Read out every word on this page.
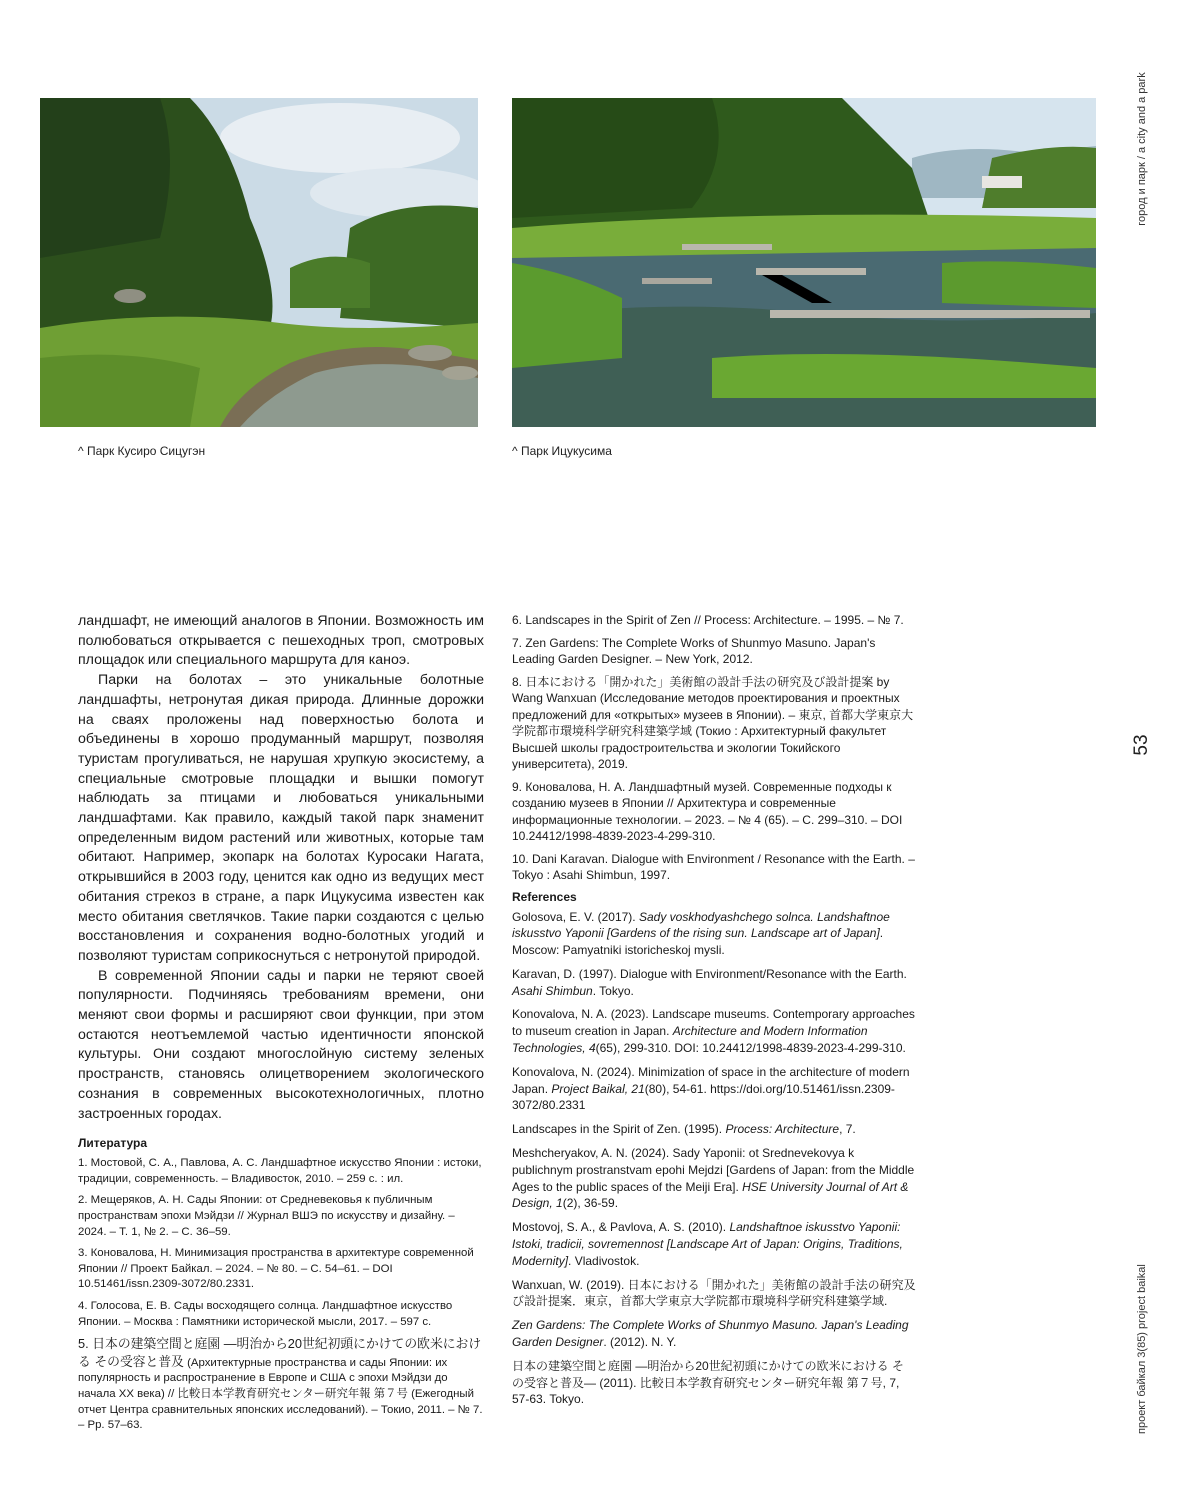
^ Парк Кусиро Сицугэн	^ Парк Ицукусима
город и парк / a city and a park
53
проект байкал 3(85) project baikal

ландшафт, не имеющий аналогов в Японии. Возможность им полюбоваться открывается с пешеходных троп, смотровых площадок или специального маршрута для каноэ.

Парки на болотах – это уникальные болотные ландшафты, нетронутая дикая природа. Длинные дорожки на сваях проложены над поверхностью болота и объединены в хорошо продуманный маршрут, позволяя туристам прогуливаться, не нарушая хрупкую экосистему, а специальные смотровые площадки и вышки помогут наблюдать за птицами и любоваться уникальными ландшафтами. Как правило, каждый такой парк знаменит определенным видом растений или животных, которые там обитают. Например, экопарк на болотах Куросаки Нагата, открывшийся в 2003 году, ценится как одно из ведущих мест обитания стрекоз в стране, а парк Ицукусима известен как место обитания светлячков. Такие парки создаются с целью восстановления и сохранения водно-болотных угодий и позволяют туристам соприкоснуться с нетронутой природой.

В современной Японии сады и парки не теряют своей популярности. Подчиняясь требованиям времени, они меняют свои формы и расширяют свои функции, при этом остаются неотъемлемой частью идентичности японской культуры. Они создают многослойную систему зеленых пространств, становясь олицетворением экологического сознания в современных высокотехнологичных, плотно застроенных городах.

Литература

1. Мостовой, С. А., Павлова, А. С. Ландшафтное искусство Японии : истоки, традиции, современность. – Владивосток, 2010. – 259 с. : ил.

2. Мещеряков, А. Н. Сады Японии: от Средневековья к публичным пространствам эпохи Мэйдзи // Журнал ВШЭ по искусству и дизайну. – 2024. – Т. 1, № 2. – С. 36–59.

3. Коновалова, Н. Минимизация пространства в архитектуре современной Японии // Проект Байкал. – 2024. – № 80. – С. 54–61. – DOI 10.51461/issn.2309-3072/80.2331.

4. Голосова, Е. В. Сады восходящего солнца. Ландшафтное искусство Японии. – Москва : Памятники исторической мысли, 2017. – 597 с.

5. 日本の建築空間と庭園 ―明治から20世紀初頭にかけての欧米における その受容と普及 (Архитектурные пространства и сады Японии: их популярность и распространение в Европе и США с эпохи Мэйдзи до начала XX века) // 比較日本学教育研究センター研究年報 第７号 (Ежегодный отчет Центра сравнительных японских исследований). – Токио, 2011. – № 7. – Pp. 57–63.

6. Landscapes in the Spirit of Zen // Process: Architecture. – 1995. – № 7.

7. Zen Gardens: The Complete Works of Shunmyo Masuno. Japan's Leading Garden Designer. – New York, 2012.

8. 日本における「開かれた」美術館の設計手法の研究及び設計提案 by Wang Wanxuan (Исследование методов проектирования и проектных предложений для «открытых» музеев в Японии). – 東京, 首都大学東京大学院都市環境科学研究科建築学域 (Токио : Архитектурный факультет Высшей школы градостроительства и экологии Токийского университета), 2019.

9. Коновалова, Н. А. Ландшафтный музей. Современные подходы к созданию музеев в Японии // Архитектура и современные информационные технологии. – 2023. – № 4 (65). – С. 299–310. – DOI 10.24412/1998-4839-2023-4-299-310.

10. Dani Karavan. Dialogue with Environment / Resonance with the Earth. – Tokyo : Asahi Shimbun, 1997.

References

Golosova, E. V. (2017). Sady voskhodyashchego solnca. Landshaftnoe iskusstvo Yaponii [Gardens of the rising sun. Landscape art of Japan]. Moscow: Pamyatniki istoricheskoj mysli.

Karavan, D. (1997). Dialogue with Environment/Resonance with the Earth. Asahi Shimbun. Tokyo.

Konovalova, N. A. (2023). Landscape museums. Contemporary approaches to museum creation in Japan. Architecture and Modern Information Technologies, 4(65), 299-310. DOI: 10.24412/1998-4839-2023-4-299-310.

Konovalova, N. (2024). Minimization of space in the architecture of modern Japan. Project Baikal, 21(80), 54-61. https://doi.org/10.51461/issn.2309-3072/80.2331

Landscapes in the Spirit of Zen. (1995). Process: Architecture, 7.

Meshcheryakov, A. N. (2024). Sady Yaponii: ot Srednevekovya k publichnym prostranstvam epohi Mejdzi [Gardens of Japan: from the Middle Ages to the public spaces of the Meiji Era]. HSE University Journal of Art & Design, 1(2), 36-59.

Mostovoj, S. A., & Pavlova, A. S. (2010). Landshaftnoe iskusstvo Yaponii: Istoki, tradicii, sovremennost [Landscape Art of Japan: Origins, Traditions, Modernity]. Vladivostok.

Wanxuan, W. (2019). 日本における「開かれた」美術館の設計手法の研究及び設計提案．東京，首都大学東京大学院都市環境科学研究科建築学域.

Zen Gardens: The Complete Works of Shunmyo Masuno. Japan's Leading Garden Designer. (2012). N. Y.

日本の建築空間と庭園 ―明治から20世紀初頭にかけての欧米における その受容と普及― (2011). 比較日本学教育研究センター研究年報 第７号, 7, 57-63. Tokyo.
